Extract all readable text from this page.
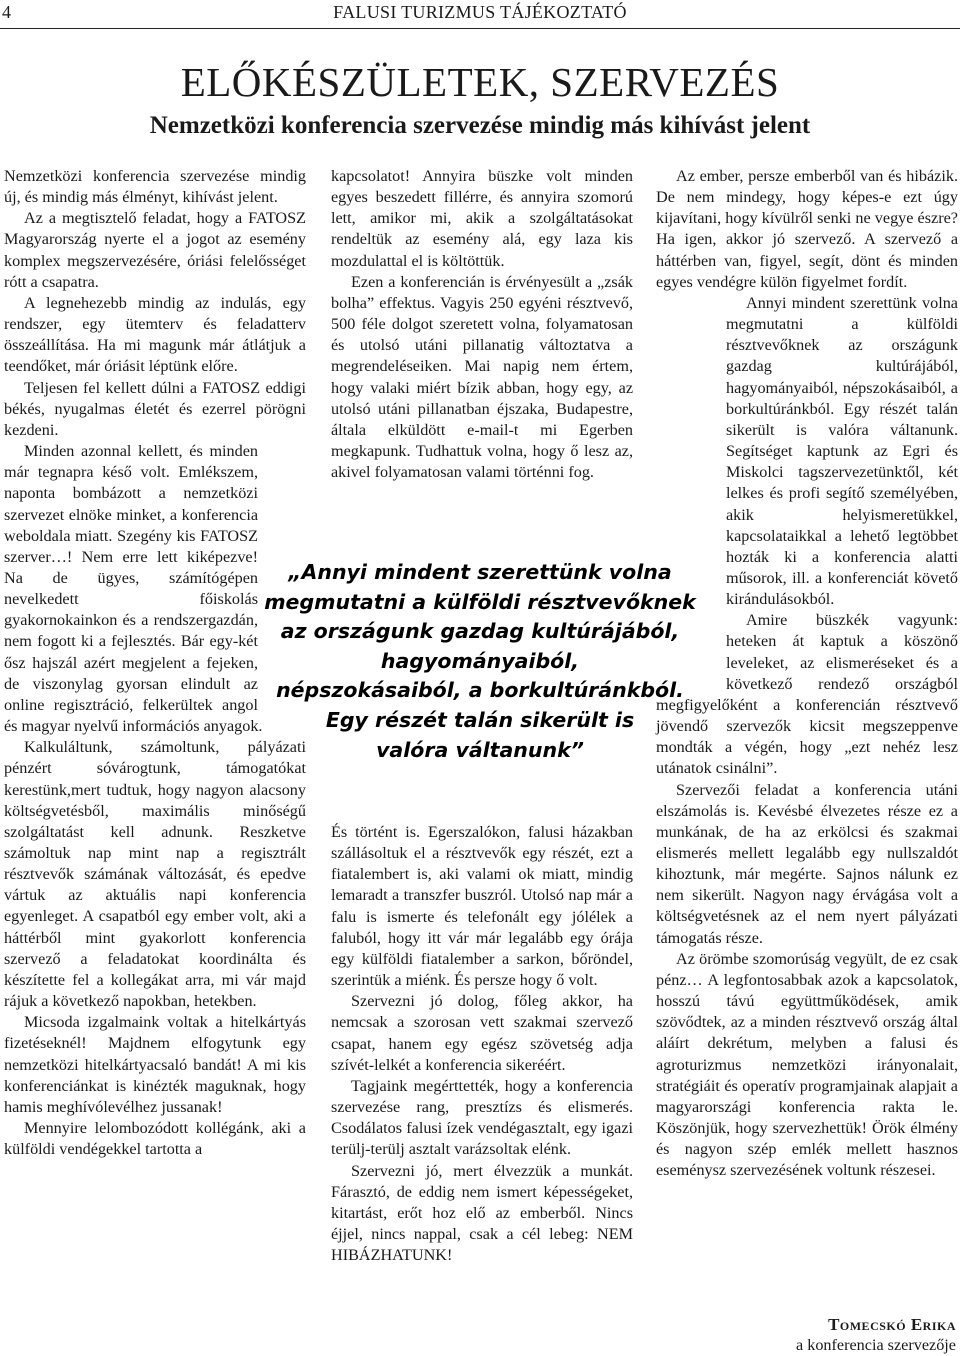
4	FALUSI TURIZMUS TÁJÉKOZTATÓ
ELŐKÉSZÜLETEK, SZERVEZÉS
Nemzetközi konferencia szervezése mindig más kihívást jelent

Nemzetközi konferencia szervezése mindig új, és mindig más élményt, kihívást jelent.

Az a megtisztelő feladat, hogy a FATOSZ Magyarország nyerte el a jogot az esemény komplex megszervezésére, óriási felelősséget rótt a csapatra.

A legnehezebb mindig az indulás, egy rendszer, egy ütemterv és feladatterv összeállítása. Ha mi magunk már átlátjuk a teendőket, már óriásit léptünk előre.

Teljesen fel kellett dúlni a FATOSZ eddigi békés, nyugalmas életét és ezerrel pörögni kezdeni.

Minden azonnal kellett, és minden már tegnapra késő volt. Emlékszem, naponta bombázott a nemzetközi szervezet elnöke minket, a konferencia weboldala miatt. Szegény kis FATOSZ szerver…! Nem erre lett kiképezve! Na de ügyes, számítógépen nevelkedett főiskolás gyakornokainkon és a rendszergazdán, nem fogott ki a fejlesztés. Bár egy-két ősz hajszál azért megjelent a fejeken, de viszonylag gyorsan elindult az online regisztráció, felkerültek angol és magyar nyelvű információs anyagok.

Kalkuláltunk, számoltunk, pályázati pénzért sóvárogtunk, támogatókat kerestünk,mert tudtuk, hogy nagyon alacsony költségvetésből, maximális minőségű szolgáltatást kell adnunk. Reszketve számoltuk nap mint nap a regisztrált résztvevők számának változását, és epedve vártuk az aktuális napi konferencia egyenleget. A csapatból egy ember volt, aki a háttérből mint gyakorlott konferencia szervező a feladatokat koordinálta és készítette fel a kollegákat arra, mi vár majd rájuk a következő napokban, hetekben.

Micsoda izgalmaink voltak a hitelkártyás fizetéseknél! Majdnem elfogytunk egy nemzetközi hitelkártyacsaló bandát! A mi kis konferenciánkat is kinézték maguknak, hogy hamis meghívólevélhez jussanak!

Mennyire lelombozódott kollégánk, aki a külföldi vendégekkel tartotta a

kapcsolatot! Annyira büszke volt minden egyes beszedett fillérre, és annyira szomorú lett, amikor mi, akik a szolgáltatásokat rendeltük az esemény alá, egy laza kis mozdulattal el is költöttük.

Ezen a konferencián is érvényesült a „zsák bolha” effektus. Vagyis 250 egyéni résztvevő, 500 féle dolgot szeretett volna, folyamatosan és utolsó utáni pillanatig változtatva a megrendeléseiken. Mai napig nem értem, hogy valaki miért bízik abban, hogy egy, az utolsó utáni pillanatban éjszaka, Budapestre, általa elküldött e-mail-t mi Egerben megkapunk. Tudhattuk volna, hogy ő lesz az, akivel folyamatosan valami történni fog.

És történt is. Egerszalókon, falusi házakban szállásoltuk el a résztvevők egy részét, ezt a fiatalembert is, aki valami ok miatt, mindig lemaradt a transzfer buszról. Utolsó nap már a falu is ismerte és telefonált egy jólélek a faluból, hogy itt vár már legalább egy órája egy külföldi fiatalember a sarkon, bőröndel, szerintük a miénk. És persze hogy ő volt.

Szervezni jó dolog, főleg akkor, ha nemcsak a szorosan vett szakmai szervező csapat, hanem egy egész szövetség adja szívét-lelkét a konferencia sikeréért.

Tagjaink megérttették, hogy a konferencia szervezése rang, presztízs és elismerés. Csodálatos falusi ízek vendégasztalt, egy igazi terülj-terülj asztalt varázsoltak elénk.

Szervezni jó, mert élvezzük a munkát. Fárasztó, de eddig nem ismert képességeket, kitartást, erőt hoz elő az emberből. Nincs éjjel, nincs nappal, csak a cél lebeg: NEM HIBÁZHATUNK!

Az ember, persze emberből van és hibázik. De nem mindegy, hogy képes-e ezt úgy kijavítani, hogy kívülről senki ne vegye észre? Ha igen, akkor jó szervező. A szervező a háttérben van, figyel, segít, dönt és minden egyes vendégre külön figyelmet fordít.

Annyi mindent szerettünk volna megmutatni a külföldi résztvevőknek az országunk gazdag kultúrájából, hagyományaiból, népszokásaiból, a borkultúránkból. Egy részét talán sikerült is valóra váltanunk. Segítséget kaptunk az Egri és Miskolci tagszervezetünktől, két lelkes és profi segítő személyében, akik helyismeretükkel, kapcsolataikkal a lehető legtöbbet hozták ki a konferencia alatti műsorok, ill. a konferenciát követő kirándulásokból.

Amire büszkék vagyunk: heteken át kaptuk a köszönő leveleket, az elismeréseket és a következő rendező országból megfigyelőként a konferencián résztvevő jövendő szervezők kicsit megszeppenve mondták a végén, hogy „ezt nehéz lesz utánatok csinálni”.

Szervezői feladat a konferencia utáni elszámolás is. Kevésbé élvezetes része ez a munkának, de ha az erkölcsi és szakmai elismerés mellett legalább egy nullszaldót kihoztunk, már megérte. Sajnos nálunk ez nem sikerült. Nagyon nagy érvágása volt a költségvetésnek az el nem nyert pályázati támogatás része.

Az örömbe szomorúság vegyült, de ez csak pénz… A legfontosabbak azok a kapcsolatok, hosszú távú együttműködések, amik szövődtek, az a minden résztvevő ország által aláírt dekrétum, melyben a falusi és agroturizmus nemzetközi irányonalait, stratégiáit és operatív programjainak alapjait a magyarországi konferencia rakta le. Köszönjük, hogy szervezhettük! Örök élmény és nagyon szép emlék mellett hasznos eseménysz szervezésének voltunk részesei.

„Annyi mindent szerettünk volna
megmutatni a külföldi résztvevőknek
az országunk gazdag kultúrájából,
hagyományaiból,
népszokásaiból, a borkultúránkból.
Egy részét talán sikerült is
valóra váltanunk”
Tomecskó Erika
a konferencia szervezője
